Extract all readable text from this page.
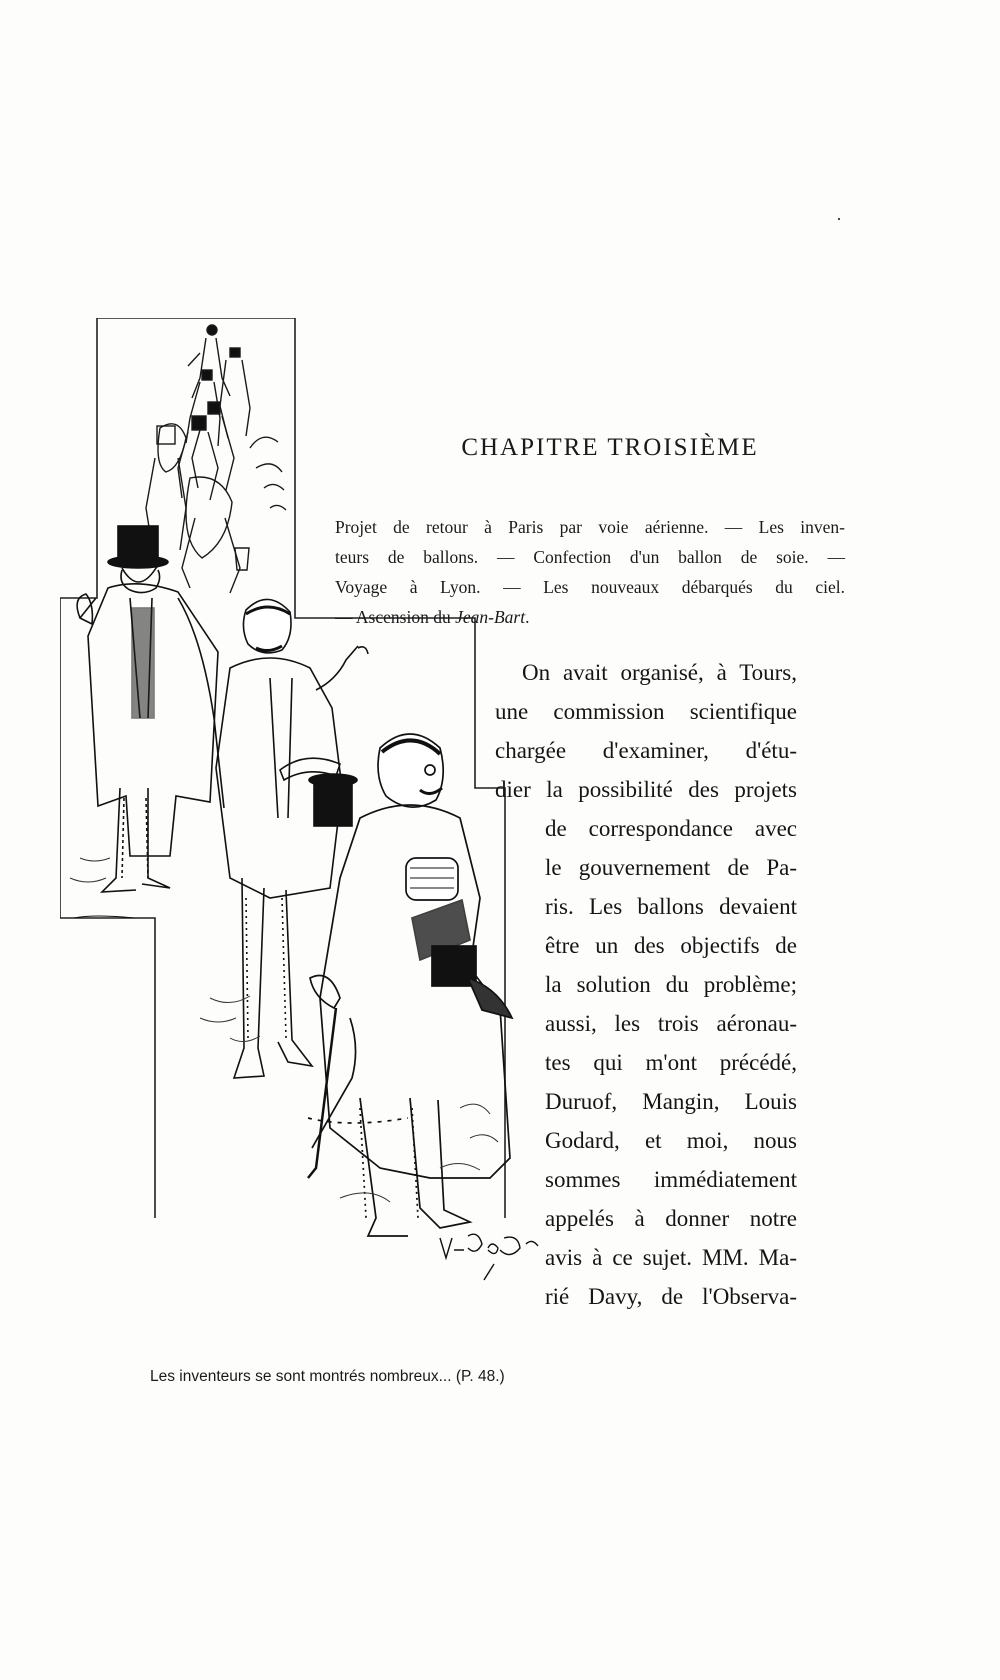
CHAPITRE TROISIÈME
Projet de retour à Paris par voie aérienne. — Les inven-
teurs de ballons. — Confection d'un ballon de soie. —
Voyage à Lyon. — Les nouveaux débarqués du ciel.
— Ascension du Jean-Bart.
On avait organisé, à Tours,
une commission scientifique
chargée d'examiner, d'étu-
dier la possibilité des projets
de correspondance avec
le gouvernement de Pa-
ris. Les ballons devaient
être un des objectifs de
la solution du problème;
aussi, les trois aéronau-
tes qui m'ont précédé,
Duruof, Mangin, Louis
Godard, et moi, nous
sommes immédiatement
appelés à donner notre
avis à ce sujet. MM. Ma-
rié Davy, de l'Observa-
Les inventeurs se sont montrés nombreux... (P. 48.)
